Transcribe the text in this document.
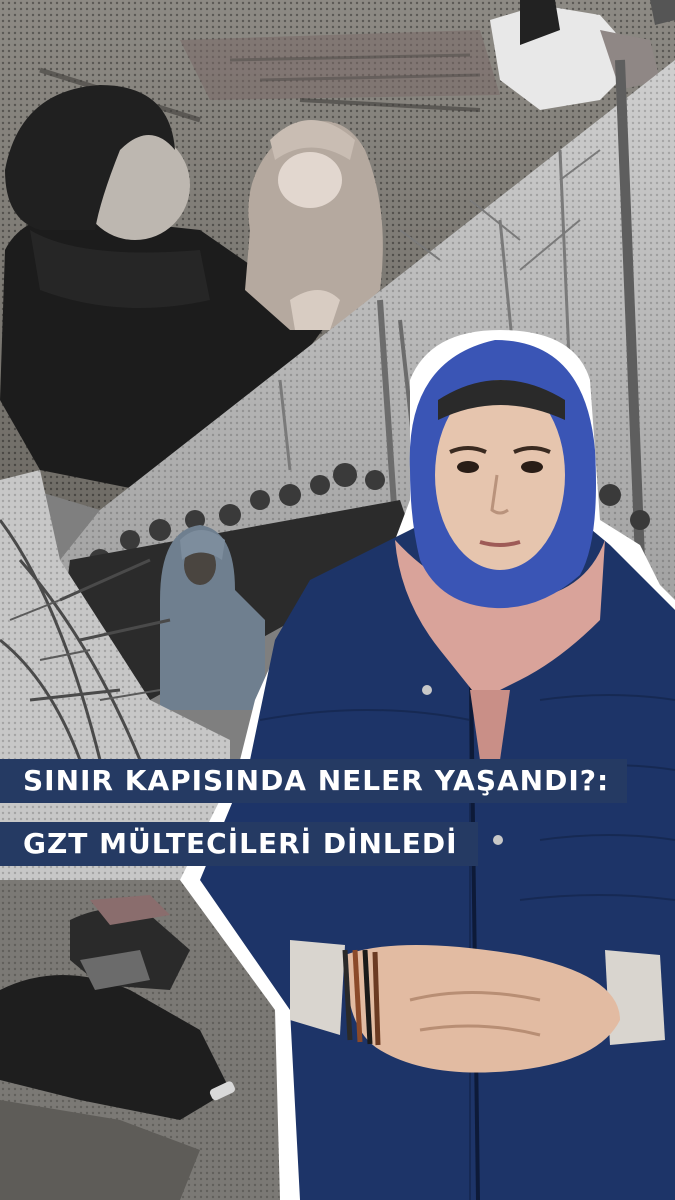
SINIR KAPISINDA NELER YAŞANDI?:
GZT MÜLTECİLERİ DİNLEDİ
